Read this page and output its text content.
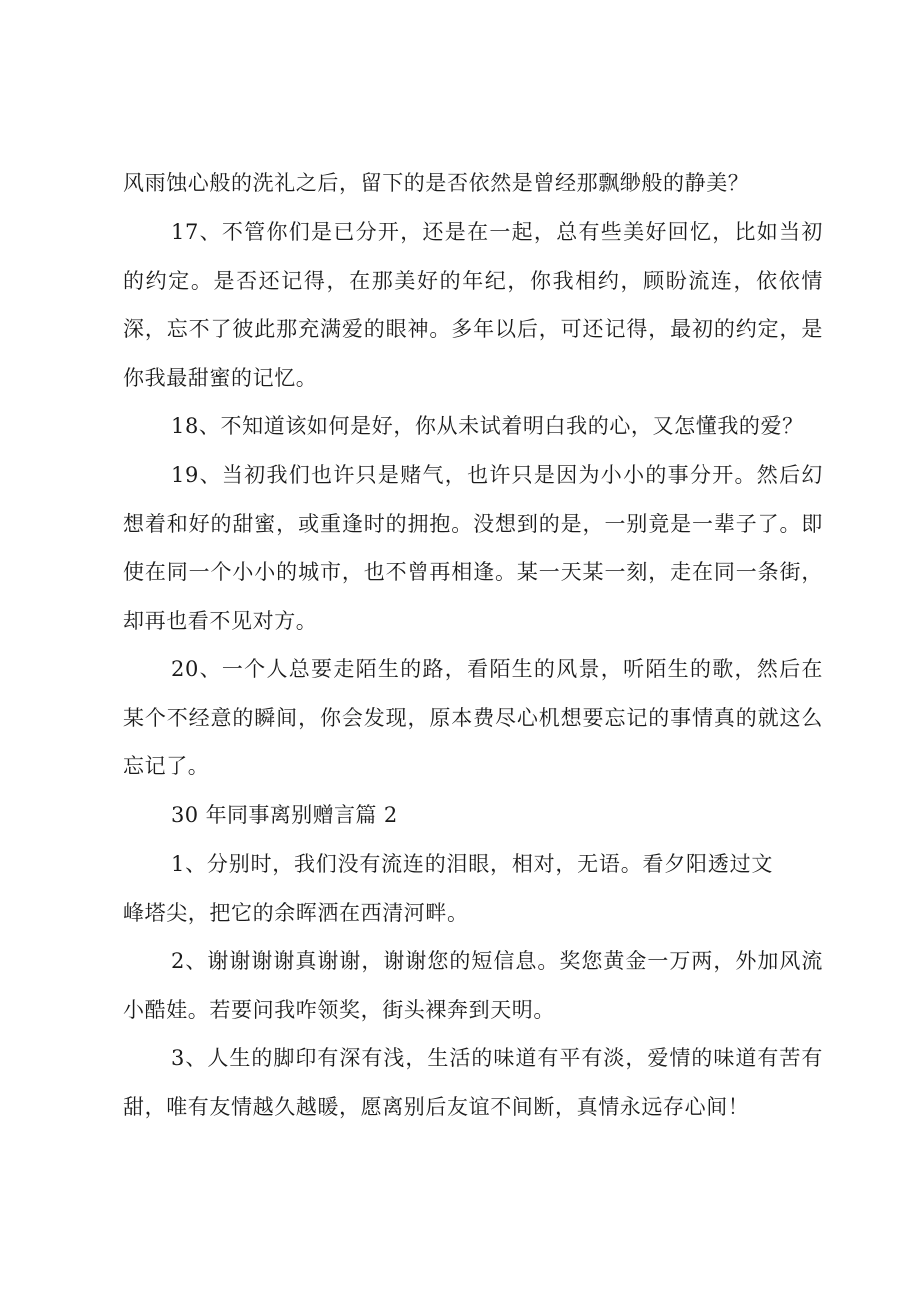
风雨蚀心般的洗礼之后，留下的是否依然是曾经那飘缈般的静美？

17、不管你们是已分开，还是在一起，总有些美好回忆，比如当初的约定。是否还记得，在那美好的年纪，你我相约，顾盼流连，依依情深，忘不了彼此那充满爱的眼神。多年以后，可还记得，最初的约定，是你我最甜蜜的记忆。

18、不知道该如何是好，你从未试着明白我的心，又怎懂我的爱？

19、当初我们也许只是赌气，也许只是因为小小的事分开。然后幻想着和好的甜蜜，或重逢时的拥抱。没想到的是，一别竟是一辈子了。即使在同一个小小的城市，也不曾再相逢。某一天某一刻，走在同一条街，却再也看不见对方。

20、一个人总要走陌生的路，看陌生的风景，听陌生的歌，然后在某个不经意的瞬间，你会发现，原本费尽心机想要忘记的事情真的就这么忘记了。

30 年同事离别赠言篇 2

1、分别时，我们没有流连的泪眼，相对，无语。看夕阳透过文峰塔尖，把它的余晖洒在西清河畔。

2、谢谢谢谢真谢谢，谢谢您的短信息。奖您黄金一万两，外加风流小酷娃。若要问我咋领奖，街头裸奔到天明。

3、人生的脚印有深有浅，生活的味道有平有淡，爱情的味道有苦有甜，唯有友情越久越暖，愿离别后友谊不间断，真情永远存心间！
